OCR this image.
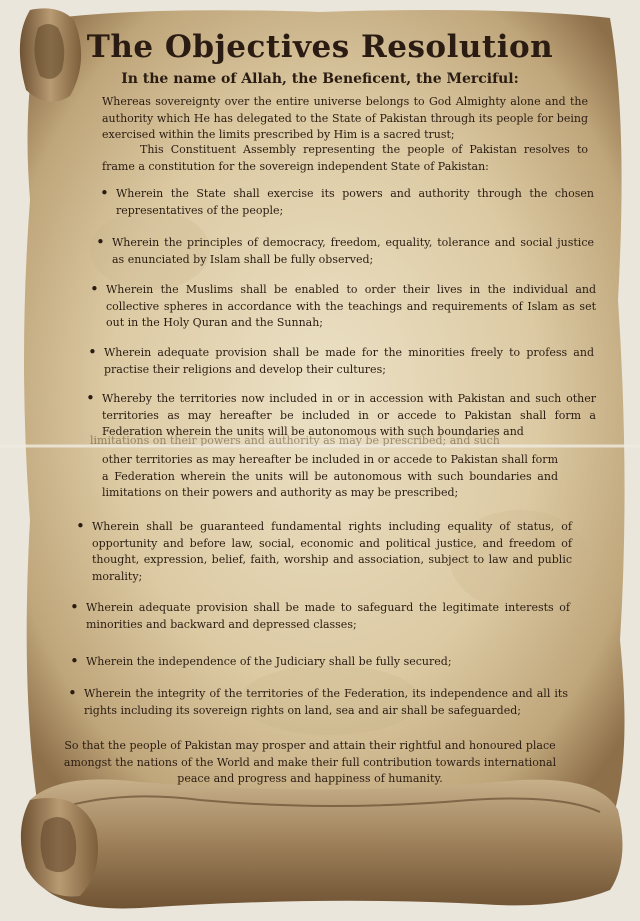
The Objectives Resolution
In the name of Allah, the Beneficent, the Merciful:
Whereas sovereignty over the entire universe belongs to God Almighty alone and the authority which He has delegated to the State of Pakistan through its people for being exercised within the limits prescribed by Him is a sacred trust;
This Constituent Assembly representing the people of Pakistan resolves to frame a constitution for the sovereign independent State of Pakistan:
• Wherein the State shall exercise its powers and authority through the chosen representatives of the people;
• Wherein the principles of democracy, freedom, equality, tolerance and social justice as enunciated by Islam shall be fully observed;
• Wherein the Muslims shall be enabled to order their lives in the individual and collective spheres in accordance with the teachings and requirements of Islam as set out in the Holy Quran and the Sunnah;
• Wherein adequate provision shall be made for the minorities freely to profess and practise their religions and develop their cultures;
• Whereby the territories now included in or in accession with Pakistan and such other territories as may hereafter be included in or accede to Pakistan shall form a Federation wherein the units will be autonomous with such boundaries and
limitations on their powers and authority as may be prescribed; and such
other territories as may hereafter be included in or accede to Pakistan shall form a Federation wherein the units will be autonomous with such boundaries and limitations on their powers and authority as may be prescribed;
• Wherein shall be guaranteed fundamental rights including equality of status, of opportunity and before law, social, economic and political justice, and freedom of thought, expression, belief, faith, worship and association, subject to law and public morality;
• Wherein adequate provision shall be made to safeguard the legitimate interests of minorities and backward and depressed classes;
• Wherein the independence of the Judiciary shall be fully secured;
• Wherein the integrity of the territories of the Federation, its independence and all its rights including its sovereign rights on land, sea and air shall be safeguarded;
So that the people of Pakistan may prosper and attain their rightful and honoured place amongst the nations of the World and make their full contribution towards international peace and progress and happiness of humanity.
